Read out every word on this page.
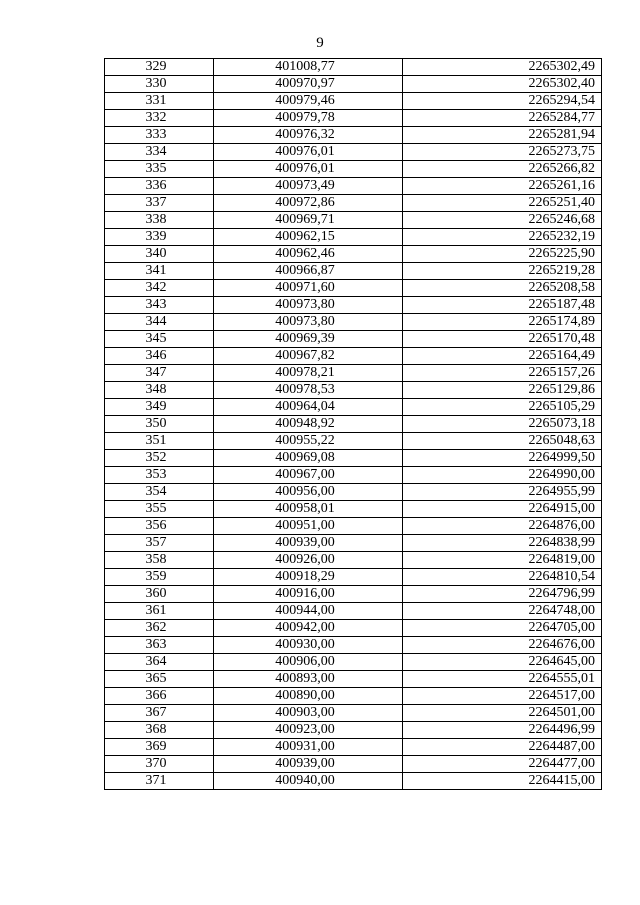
9
329	401008,77	2265302,49
330	400970,97	2265302,40
331	400979,46	2265294,54
332	400979,78	2265284,77
333	400976,32	2265281,94
334	400976,01	2265273,75
335	400976,01	2265266,82
336	400973,49	2265261,16
337	400972,86	2265251,40
338	400969,71	2265246,68
339	400962,15	2265232,19
340	400962,46	2265225,90
341	400966,87	2265219,28
342	400971,60	2265208,58
343	400973,80	2265187,48
344	400973,80	2265174,89
345	400969,39	2265170,48
346	400967,82	2265164,49
347	400978,21	2265157,26
348	400978,53	2265129,86
349	400964,04	2265105,29
350	400948,92	2265073,18
351	400955,22	2265048,63
352	400969,08	2264999,50
353	400967,00	2264990,00
354	400956,00	2264955,99
355	400958,01	2264915,00
356	400951,00	2264876,00
357	400939,00	2264838,99
358	400926,00	2264819,00
359	400918,29	2264810,54
360	400916,00	2264796,99
361	400944,00	2264748,00
362	400942,00	2264705,00
363	400930,00	2264676,00
364	400906,00	2264645,00
365	400893,00	2264555,01
366	400890,00	2264517,00
367	400903,00	2264501,00
368	400923,00	2264496,99
369	400931,00	2264487,00
370	400939,00	2264477,00
371	400940,00	2264415,00
